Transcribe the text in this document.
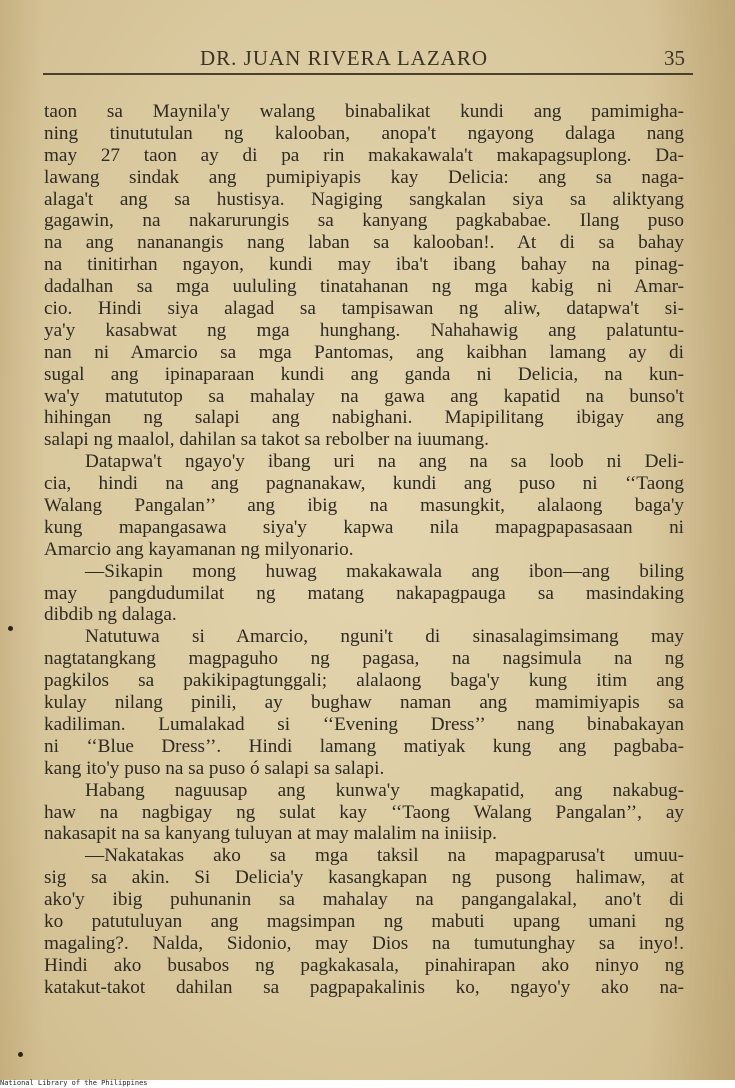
DR. JUAN RIVERA LAZARO	35
taon sa Maynila'y walang binabalikat kundi ang pamimigha-
ning tinututulan ng kalooban, anopa't ngayong dalaga nang
may 27 taon ay di pa rin makakawala't makapagsuplong. Da-
lawang sindak ang pumipiyapis kay Delicia: ang sa naga-
alaga't ang sa hustisya. Nagiging sangkalan siya sa aliktyang
gagawin, na nakarurungis sa kanyang pagkababae. Ilang puso
na ang nananangis nang laban sa kalooban!. At di sa bahay
na tinitirhan ngayon, kundi may iba't ibang bahay na pinag-
dadalhan sa mga uululing tinatahanan ng mga kabig ni Amar-
cio. Hindi siya alagad sa tampisawan ng aliw, datapwa't si-
ya'y kasabwat ng mga hunghang. Nahahawig ang palatuntu-
nan ni Amarcio sa mga Pantomas, ang kaibhan lamang ay di
sugal ang ipinaparaan kundi ang ganda ni Delicia, na kun-
wa'y matututop sa mahalay na gawa ang kapatid na bunso't
hihingan ng salapi ang nabighani. Mapipilitang ibigay ang
salapi ng maalol, dahilan sa takot sa rebolber na iuumang.
Datapwa't ngayo'y ibang uri na ang na sa loob ni Deli-
cia, hindi na ang pagnanakaw, kundi ang puso ni ‘‘Taong
Walang Pangalan’’ ang ibig na masungkit, alalaong baga'y
kung mapangasawa siya'y kapwa nila mapagpapasasaan ni
Amarcio ang kayamanan ng milyonario.
—Sikapin mong huwag makakawala ang ibon—ang biling
may pangdudumilat ng matang nakapagpauga sa masindaking
dibdib ng dalaga.
Natutuwa si Amarcio, nguni't di sinasalagimsimang may
nagtatangkang magpaguho ng pagasa, na nagsimula na ng
pagkilos sa pakikipagtunggali; alalaong baga'y kung itim ang
kulay nilang pinili, ay bughaw naman ang mamimiyapis sa
kadiliman. Lumalakad si ‘‘Evening Dress’’ nang binabakayan
ni ‘‘Blue Dress’’. Hindi lamang matiyak kung ang pagbaba-
kang ito'y puso na sa puso ó salapi sa salapi.
Habang naguusap ang kunwa'y magkapatid, ang nakabug-
haw na nagbigay ng sulat kay ‘‘Taong Walang Pangalan’’, ay
nakasapit na sa kanyang tuluyan at may malalim na iniisip.
—Nakatakas ako sa mga taksil na mapagparusa't umuu-
sig sa akin. Si Delicia'y kasangkapan ng pusong halimaw, at
ako'y ibig puhunanin sa mahalay na pangangalakal, ano't di
ko patutuluyan ang magsimpan ng mabuti upang umani ng
magaling?. Nalda, Sidonio, may Dios na tumutunghay sa inyo!.
Hindi ako busabos ng pagkakasala, pinahirapan ako ninyo ng
katakut-takot dahilan sa pagpapakalinis ko, ngayo'y ako na-
National Library of the Philippines
